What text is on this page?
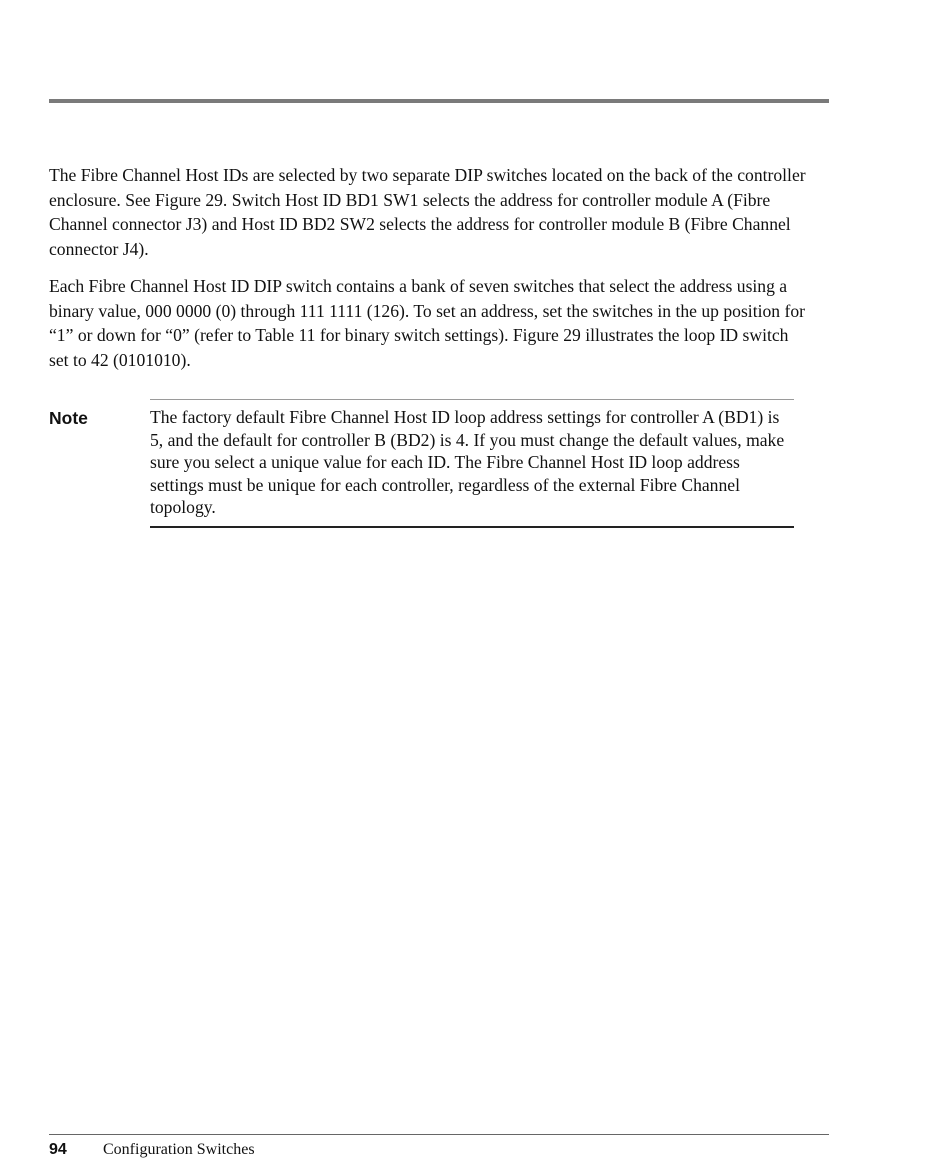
The Fibre Channel Host IDs are selected by two separate DIP switches located on the back of the controller enclosure. See Figure 29. Switch Host ID BD1 SW1 selects the address for controller module A (Fibre Channel connector J3) and Host ID BD2 SW2 selects the address for controller module B (Fibre Channel connector J4).

Each Fibre Channel Host ID DIP switch contains a bank of seven switches that select the address using a binary value, 000 0000 (0) through 111 1111 (126). To set an address, set the switches in the up position for “1” or down for “0” (refer to Table 11 for binary switch settings). Figure 29 illustrates the loop ID switch set to 42 (0101010).

Note	The factory default Fibre Channel Host ID loop address settings for controller A (BD1) is 5, and the default for controller B (BD2) is 4. If you must change the default values, make sure you select a unique value for each ID. The Fibre Channel Host ID loop address settings must be unique for each controller, regardless of the external Fibre Channel topology.

94 Configuration Switches
